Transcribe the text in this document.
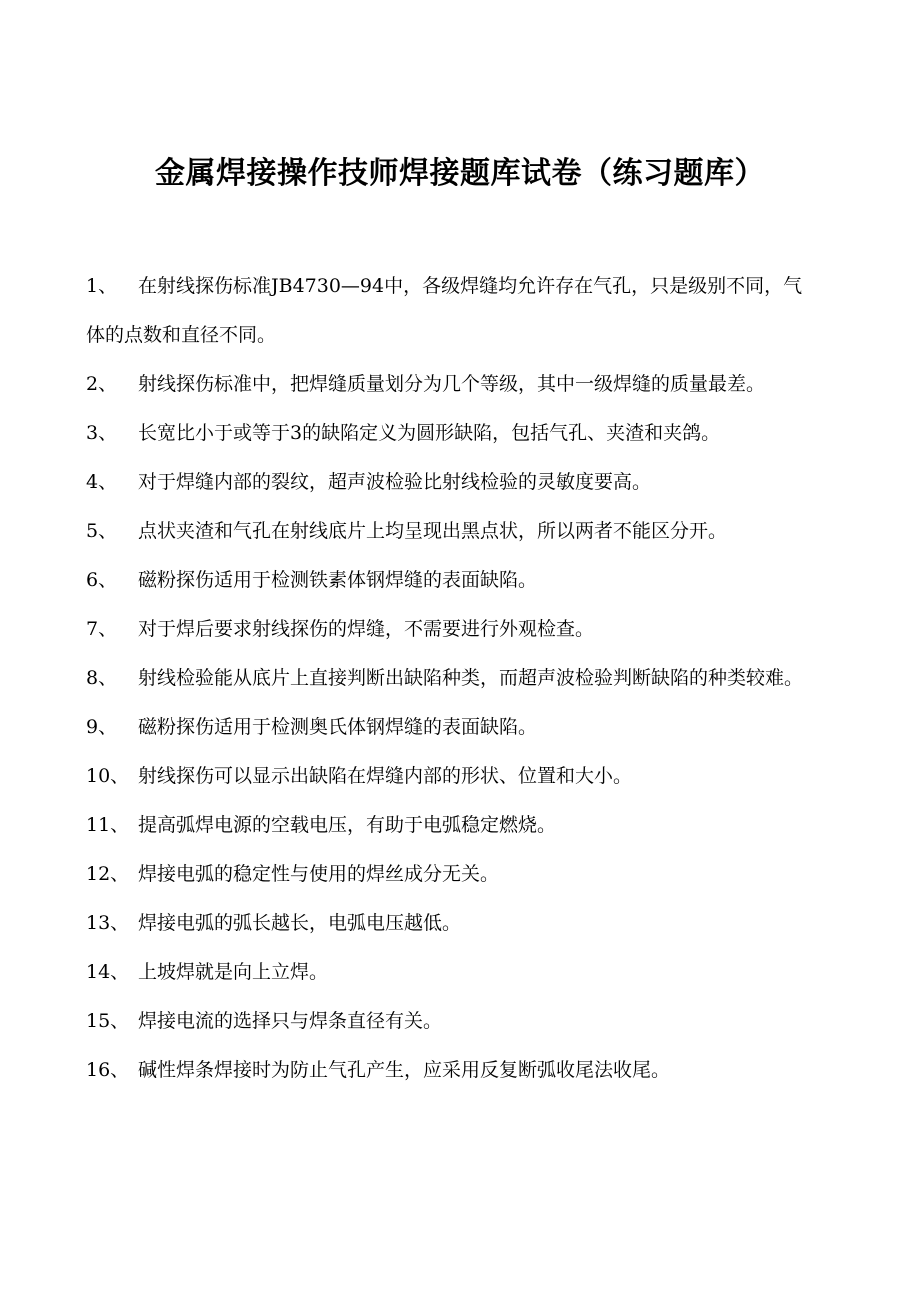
金属焊接操作技师焊接题库试卷（练习题库）
1、 在射线探伤标准JB4730—94中，各级焊缝均允许存在气孔，只是级别不同，气体的点数和直径不同。
2、 射线探伤标准中，把焊缝质量划分为几个等级，其中一级焊缝的质量最差。
3、 长宽比小于或等于3的缺陷定义为圆形缺陷，包括气孔、夹渣和夹鸽。
4、 对于焊缝内部的裂纹，超声波检验比射线检验的灵敏度要高。
5、 点状夹渣和气孔在射线底片上均呈现出黑点状，所以两者不能区分开。
6、 磁粉探伤适用于检测铁素体钢焊缝的表面缺陷。
7、 对于焊后要求射线探伤的焊缝，不需要进行外观检查。
8、 射线检验能从底片上直接判断出缺陷种类，而超声波检验判断缺陷的种类较难。
9、 磁粉探伤适用于检测奥氏体钢焊缝的表面缺陷。
10、 射线探伤可以显示出缺陷在焊缝内部的形状、位置和大小。
11、 提高弧焊电源的空载电压，有助于电弧稳定燃烧。
12、 焊接电弧的稳定性与使用的焊丝成分无关。
13、 焊接电弧的弧长越长，电弧电压越低。
14、 上坡焊就是向上立焊。
15、 焊接电流的选择只与焊条直径有关。
16、 碱性焊条焊接时为防止气孔产生，应采用反复断弧收尾法收尾。
